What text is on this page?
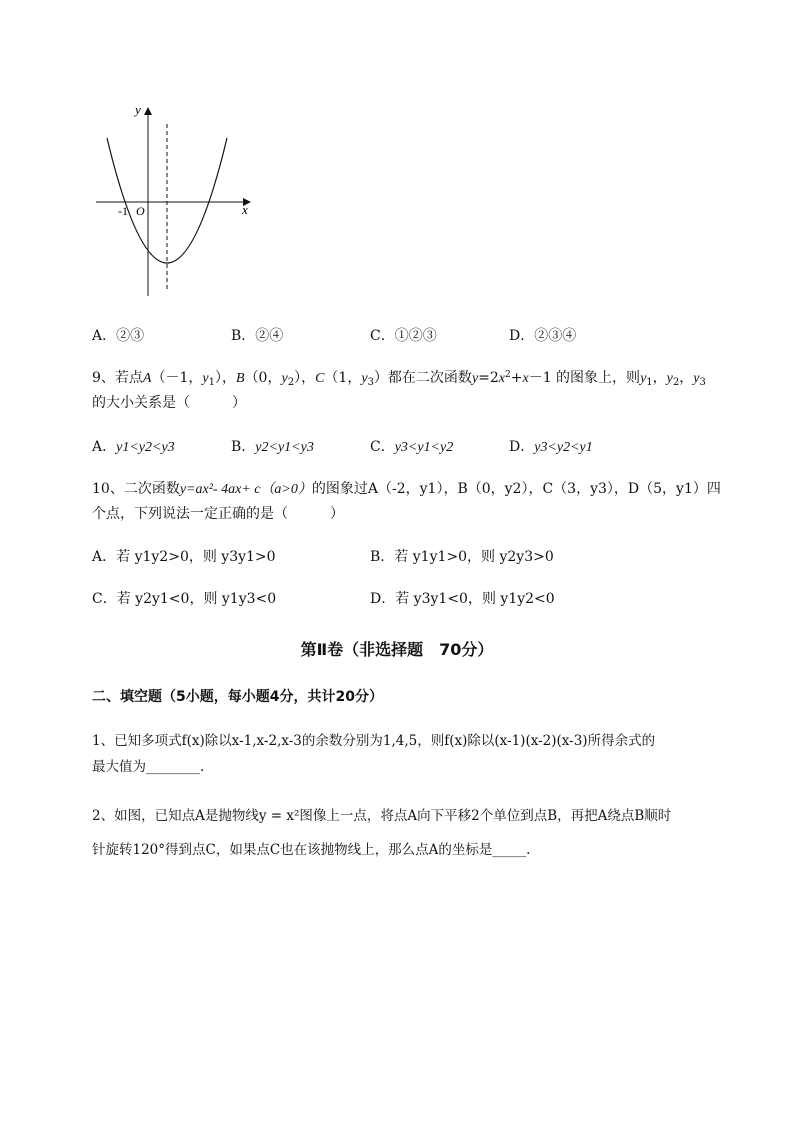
y
x
-1 O
A．②③	B．②④	C．①②③	D．②③④
9、若点A（－1，$y_1$），B（0，$y_2$），C（1，$y_3$）都在二次函数$y=2x^2+x-1$ 的图象上，则$y_1$，$y_2$，$y_3$
的大小关系是（　　　）
A．y1<y2<y3	B．y2<y1<y3	C．y3<y1<y2	D．y3<y2<y1
10、二次函数y=ax²- 4ax+ c（a>0）的图象过A（-2，y1），B（0，y2），C（3，y3），D（5，y1）四
个点，下列说法一定正确的是（　　　）
A．若 y1y2>0，则 y3y1>0	B．若 y1y1>0，则 y2y3>0
C．若 y2y1<0，则 y1y3<0	D．若 y3y1<0，则 y1y2<0
第Ⅱ卷（非选择题　70分）
二、填空题（5小题，每小题4分，共计20分）
1、已知多项式f(x)除以x-1,x-2,x-3的余数分别为1,4,5，则f(x)除以(x-1)(x-2)(x-3)所得余式的
最大值为________.
2、如图，已知点A是抛物线y = x²图像上一点，将点A向下平移2个单位到点B，再把A绕点B顺时
针旋转120°得到点C，如果点C也在该抛物线上，那么点A的坐标是_____.
